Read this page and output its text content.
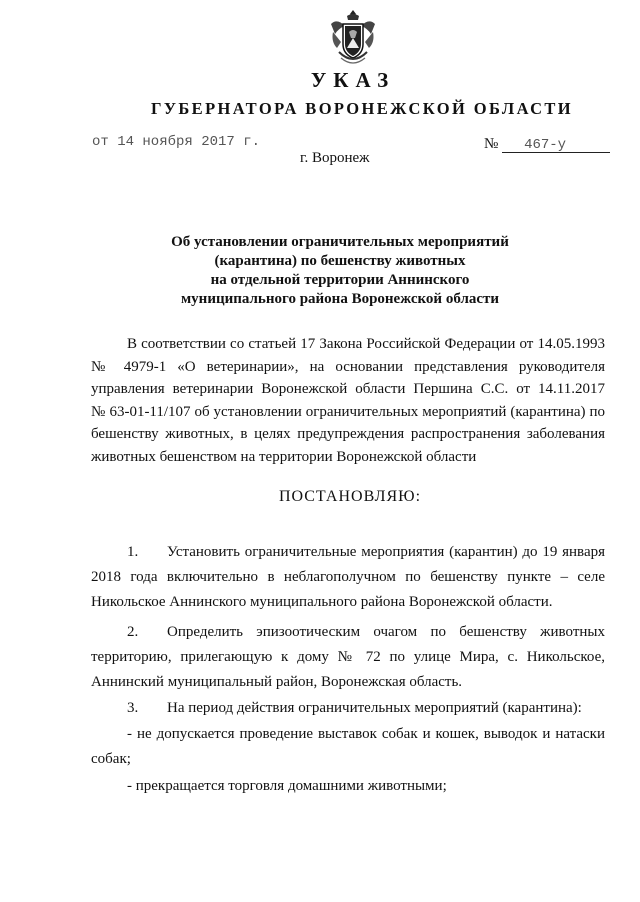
УКАЗ
ГУБЕРНАТОРА ВОРОНЕЖСКОЙ ОБЛАСТИ
от 14 ноября 2017 г.	№ 467-у
г. Воронеж
Об установлении ограничительных мероприятий
(карантина) по бешенству животных
на отдельной территории Аннинского
муниципального района Воронежской области
В соответствии со статьей 17 Закона Российской Федерации от 14.05.1993
№ 4979-1 «О ветеринарии», на основании представления руководителя
управления ветеринарии Воронежской области Першина С.С. от 14.11.2017
№ 63-01-11/107 об установлении ограничительных мероприятий (карантина) по
бешенству животных, в целях предупреждения распространения заболевания
животных бешенством на территории Воронежской области
ПОСТАНОВЛЯЮ:
1. Установить ограничительные мероприятия (карантин) до 19 января
2018 года включительно в неблагополучном по бешенству пункте – селе
Никольское Аннинского муниципального района Воронежской области.
2. Определить эпизоотическим очагом по бешенству животных
территорию, прилегающую к дому № 72 по улице Мира, с. Никольское,
Аннинский муниципальный район, Воронежская область.
3. На период действия ограничительных мероприятий (карантина):
- не допускается проведение выставок собак и кошек, выводок и натаски
собак;
- прекращается торговля домашними животными;
